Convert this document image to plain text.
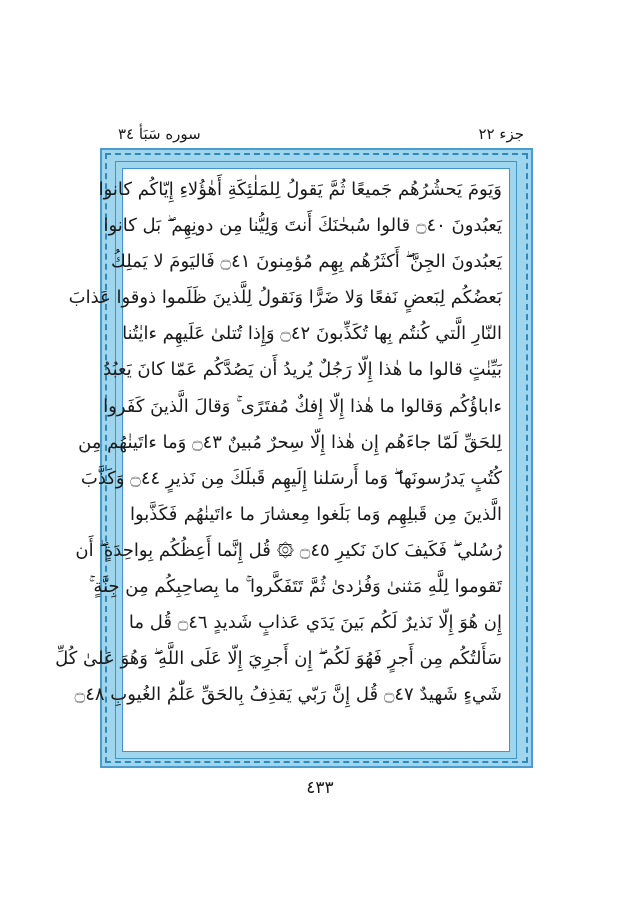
سوره سَبَأ ٣٤	جزء ٢٢
وَيَومَ يَحشُرُهُم جَميعًا ثُمَّ يَقولُ لِلمَلٰئِكَةِ أَهٰؤُلاءِ إِيّاكُم كانوا
يَعبُدونَ ۝٤٠ قالوا سُبحٰنَكَ أَنتَ وَلِيُّنا مِن دونِهِم ۖ بَل كانوا
يَعبُدونَ الجِنَّ ۖ أَكثَرُهُم بِهِم مُؤمِنونَ ۝٤١ فَاليَومَ لا يَملِكُ
بَعضُكُم لِبَعضٍ نَفعًا وَلا ضَرًّا وَنَقولُ لِلَّذينَ ظَلَموا ذوقوا عَذابَ
النّارِ الَّتي كُنتُم بِها تُكَذِّبونَ ۝٤٢ وَإِذا تُتلىٰ عَلَيهِم ءايٰتُنا
بَيِّنٰتٍ قالوا ما هٰذا إِلّا رَجُلٌ يُريدُ أَن يَصُدَّكُم عَمّا كانَ يَعبُدُ
ءاباؤُكُم وَقالوا ما هٰذا إِلّا إِفكٌ مُفتَرًى ۚ وَقالَ الَّذينَ كَفَروا
لِلحَقِّ لَمّا جاءَهُم إِن هٰذا إِلّا سِحرٌ مُبينٌ ۝٤٣ وَما ءاتَينٰهُم مِن
كُتُبٍ يَدرُسونَها ۖ وَما أَرسَلنا إِلَيهِم قَبلَكَ مِن نَذيرٍ ۝٤٤ وَكَذَّبَ
الَّذينَ مِن قَبلِهِم وَما بَلَغوا مِعشارَ ما ءاتَينٰهُم فَكَذَّبوا
رُسُلي ۖ فَكَيفَ كانَ نَكيرِ ۝٤٥ ۞ قُل إِنَّما أَعِظُكُم بِواحِدَةٍ ۖ أَن
تَقوموا لِلَّهِ مَثنىٰ وَفُرٰدىٰ ثُمَّ تَتَفَكَّروا ۚ ما بِصاحِبِكُم مِن جِنَّةٍ ۚ
إِن هُوَ إِلّا نَذيرٌ لَكُم بَينَ يَدَي عَذابٍ شَديدٍ ۝٤٦ قُل ما
سَأَلتُكُم مِن أَجرٍ فَهُوَ لَكُم ۖ إِن أَجرِيَ إِلّا عَلَى اللَّهِ ۖ وَهُوَ عَلىٰ كُلِّ
شَيءٍ شَهيدٌ ۝٤٧ قُل إِنَّ رَبّي يَقذِفُ بِالحَقِّ عَلّٰمُ الغُيوبِ ۝٤٨
٤٣٣
